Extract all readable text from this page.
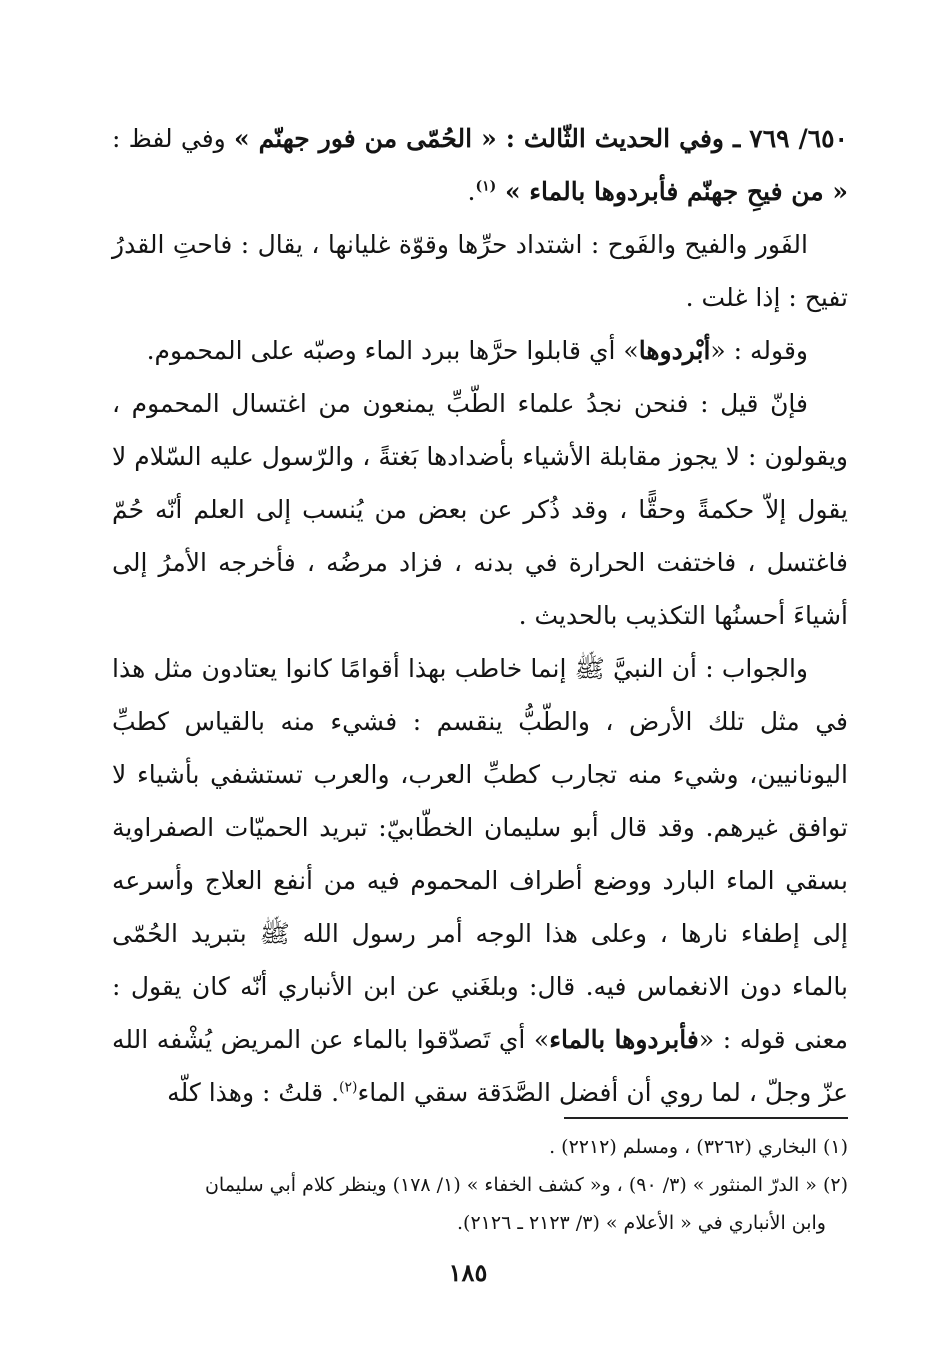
٦٥٠/ ٧٦٩ ـ وفي الحديث الثّالث : « الحُمّى من فور جهنّم » وفي لفظ : « من فيحِ جهنّم فأبردوها بالماء » $^{(١)}$.

الفَور والفيح والفَوح : اشتداد حرِّها وقوّة غليانها ، يقال : فاحتِ القدرُ تفيح : إذا غلت .

وقوله : «أبْردوها» أي قابلوا حرَّها ببرد الماء وصبّه على المحموم.

فإنّ قيل : فنحن نجدُ علماء الطّبِّ يمنعون من اغتسال المحموم ، ويقولون : لا يجوز مقابلة الأشياء بأضدادها بَغتةً ، والرّسول عليه السّلام لا يقول إلاّ حكمةً وحقًّا ، وقد ذُكر عن بعض من يُنسب إلى العلم أنّه حُمّ فاغتسل ، فاختفت الحرارة في بدنه ، فزاد مرضُه ، فأخرجه الأمرُ إلى أشياءَ أحسنُها التكذيب بالحديث .

والجواب : أن النبيَّ ﷺ إنما خاطب بهذا أقوامًا كانوا يعتادون مثل هذا في مثل تلك الأرض ، والطّبُّ ينقسم : فشيء منه بالقياس كطبِّ اليونانيين، وشيء منه تجارب كطبِّ العرب، والعرب تستشفي بأشياء لا توافق غيرهم. وقد قال أبو سليمان الخطّابيّ: تبريد الحميّات الصفراوية بسقي الماء البارد ووضع أطراف المحموم فيه من أنفع العلاج وأسرعه إلى إطفاء نارها ، وعلى هذا الوجه أمر رسول الله ﷺ بتبريد الحُمّى بالماء دون الانغماس فيه. قال: وبلغَني عن ابن الأنباري أنّه كان يقول : معنى قوله : «فأبردوها بالماء» أي تَصدّقوا بالماء عن المريض يُشْفه الله عزّ وجلّ ، لما روي أن أفضل الصَّدَقة سقي الماء$^{(٢)}$. قلتُ : وهذا كلّه

(١) البخاري (٣٢٦٢) ، ومسلم (٢٢١٢) .

(٢) « الدرّ المنثور » (٣/ ٩٠) ، و« كشف الخفاء » (١/ ١٧٨) وينظر كلام أبي سليمان

وابن الأنباري في « الأعلام » (٣/ ٢١٢٣ ـ ٢١٢٦).

١٨٥
